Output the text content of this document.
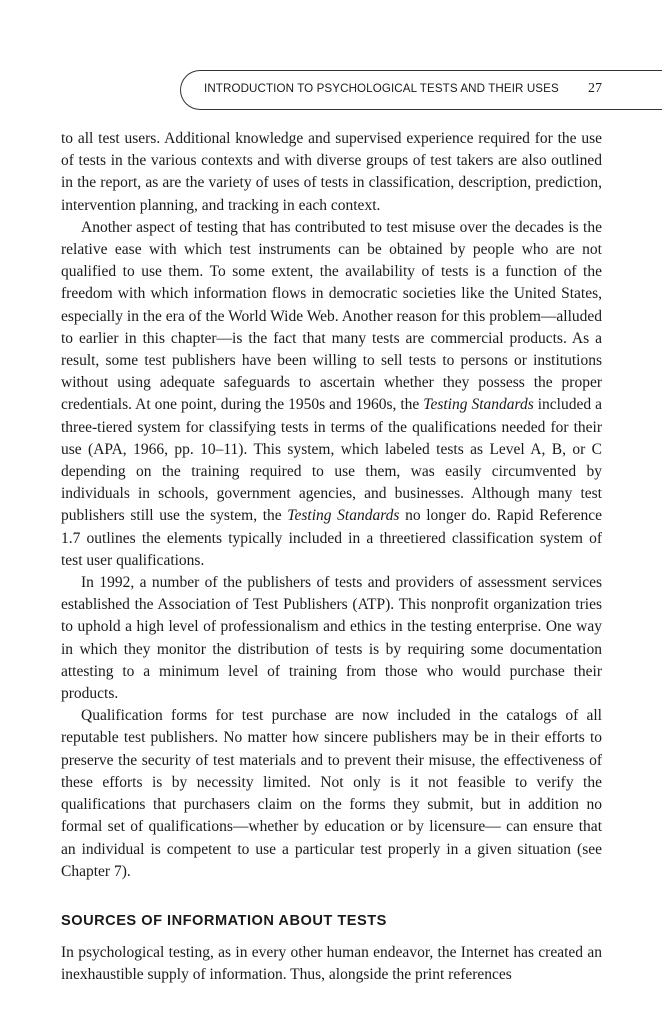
INTRODUCTION TO PSYCHOLOGICAL TESTS AND THEIR USES 27

to all test users. Additional knowledge and supervised experience required for the use of tests in the various contexts and with diverse groups of test takers are also outlined in the report, as are the variety of uses of tests in classification, description, prediction, intervention planning, and tracking in each context.

Another aspect of testing that has contributed to test misuse over the decades is the relative ease with which test instruments can be obtained by people who are not qualified to use them. To some extent, the availability of tests is a function of the freedom with which information flows in democratic societies like the United States, especially in the era of the World Wide Web. Another reason for this problem—alluded to earlier in this chapter—is the fact that many tests are commercial products. As a result, some test publishers have been willing to sell tests to persons or institutions without using adequate safeguards to ascertain whether they possess the proper credentials. At one point, during the 1950s and 1960s, the Testing Standards included a three-tiered system for classifying tests in terms of the qualifications needed for their use (APA, 1966, pp. 10–11). This system, which labeled tests as Level A, B, or C depending on the training required to use them, was easily circumvented by individuals in schools, government agencies, and businesses. Although many test publishers still use the system, the Testing Standards no longer do. Rapid Reference 1.7 outlines the elements typically included in a threetiered classification system of test user qualifications.

In 1992, a number of the publishers of tests and providers of assessment services established the Association of Test Publishers (ATP). This nonprofit organization tries to uphold a high level of professionalism and ethics in the testing enterprise. One way in which they monitor the distribution of tests is by requiring some documentation attesting to a minimum level of training from those who would purchase their products.

Qualification forms for test purchase are now included in the catalogs of all reputable test publishers. No matter how sincere publishers may be in their efforts to preserve the security of test materials and to prevent their misuse, the effectiveness of these efforts is by necessity limited. Not only is it not feasible to verify the qualifications that purchasers claim on the forms they submit, but in addition no formal set of qualifications—whether by education or by licensure— can ensure that an individual is competent to use a particular test properly in a given situation (see Chapter 7).

SOURCES OF INFORMATION ABOUT TESTS

In psychological testing, as in every other human endeavor, the Internet has created an inexhaustible supply of information. Thus, alongside the print references
